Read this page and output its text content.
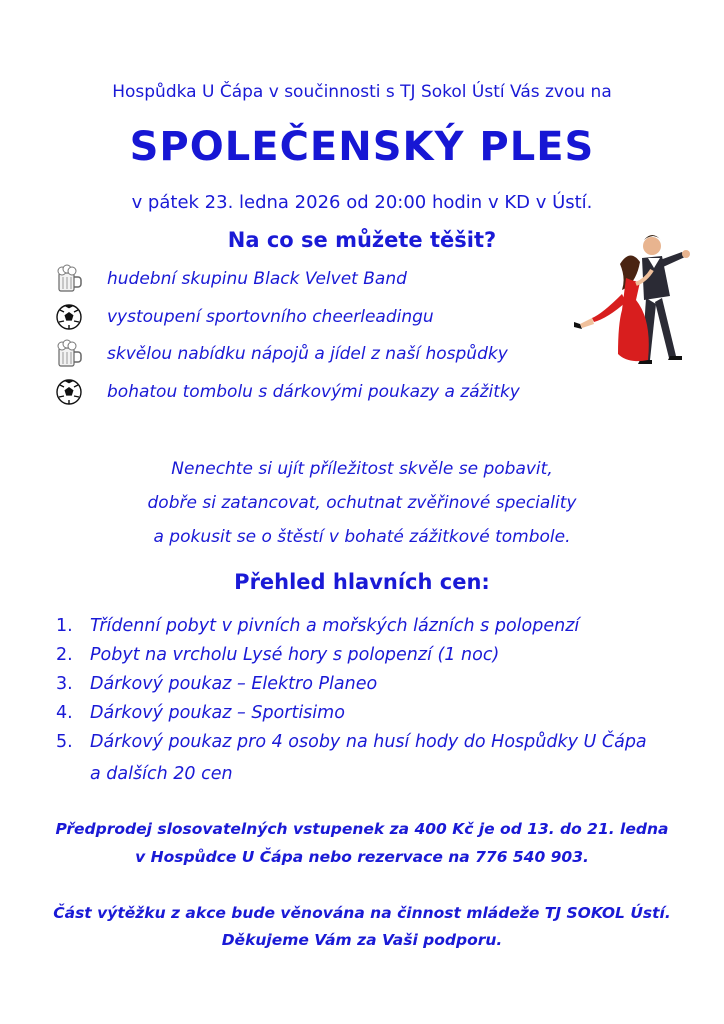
Hospůdka U Čápa v součinnosti s TJ Sokol Ústí Vás zvou na
SPOLEČENSKÝ PLES
v pátek 23. ledna 2026 od 20:00 hodin v KD v Ústí.
Na co se můžete těšit?
hudební skupinu Black Velvet Band
vystoupení sportovního cheerleadingu
skvělou nabídku nápojů a jídel z naší hospůdky
bohatou tombolu s dárkovými poukazy a zážitky
Nenechte si ujít příležitost skvěle se pobavit,
dobře si zatancovat, ochutnat zvěřinové speciality
a pokusit se o štěstí v bohaté zážitkové tombole.
Přehled hlavních cen:
1. Třídenní pobyt v pivních a mořských lázních s polopenzí
2. Pobyt na vrcholu Lysé hory s polopenzí (1 noc)
3. Dárkový poukaz – Elektro Planeo
4. Dárkový poukaz – Sportisimo
5. Dárkový poukaz pro 4 osoby na husí hody do Hospůdky U Čápa
a dalších 20 cen
Předprodej slosovatelných vstupenek za 400 Kč je od 13. do 21. ledna
v Hospůdce U Čápa nebo rezervace na 776 540 903.
Část výtěžku z akce bude věnována na činnost mládeže TJ SOKOL Ústí.
Děkujeme Vám za Vaši podporu.
